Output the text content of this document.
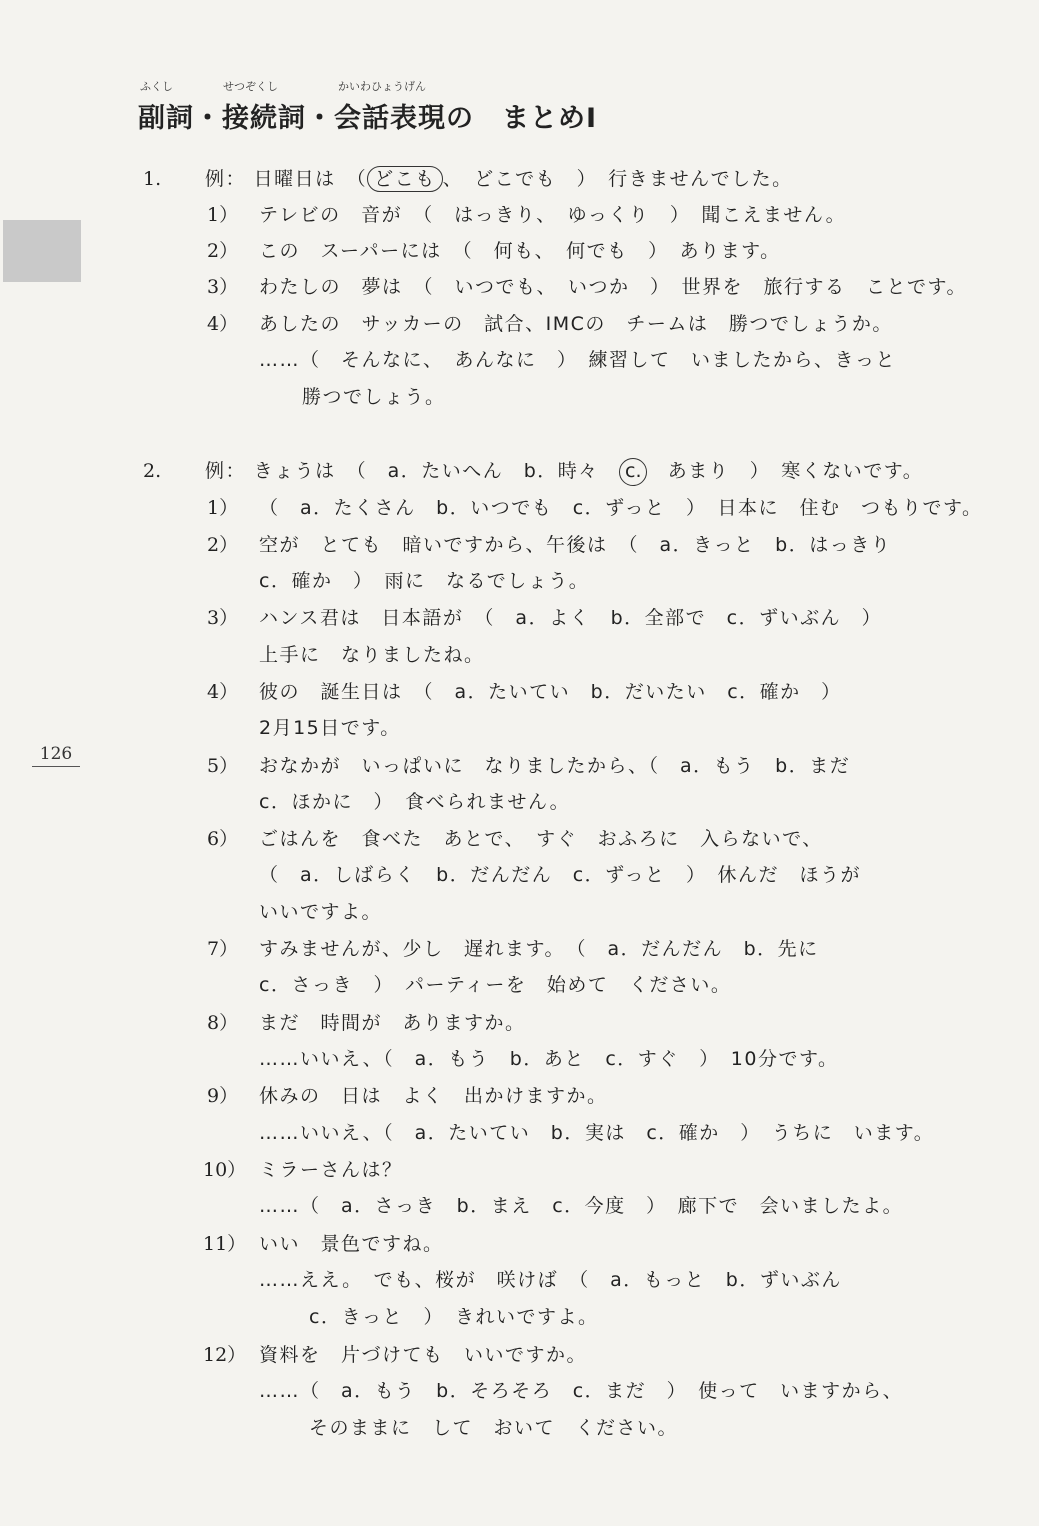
ふくし	せつぞくし	かいわひょうげん
副詞・接続詞・会話表現の　まとめⅠ
1. 例： 日曜日は　（ どこも 、　どこでも　）　行きませんでした。
1） テレビの　音が　（　はっきり、　ゆっくり　）　聞こえません。
2） この　スーパーには　（　何も、　何でも　）　あります。
3） わたしの　夢は　（　いつでも、　いつか　）　世界を　旅行する　ことです。
4） あしたの　サッカーの　試合、IMCの　チームは　勝つでしょうか。
……（　そんなに、　あんなに　）　練習して　いましたから、きっと
勝つでしょう。
2. 例： きょうは　（　a．たいへん　b．時々　c.　あまり　）　寒くないです。
1） （　a．たくさん　b．いつでも　c．ずっと　）　日本に　住む　つもりです。
2） 空が　とても　暗いですから、午後は　（　a．きっと　b．はっきり
c．確か　）　雨に　なるでしょう。
3） ハンス君は　日本語が　（　a．よく　b．全部で　c．ずいぶん　）
上手に　なりましたね。
4） 彼の　誕生日は　（　a．たいてい　b．だいたい　c．確か　）
2月15日です。
126
5） おなかが　いっぱいに　なりましたから、（　a．もう　b．まだ
c．ほかに　）　食べられません。
6） ごはんを　食べた　あとで、　すぐ　おふろに　入らないで、
（　a．しばらく　b．だんだん　c．ずっと　）　休んだ　ほうが
いいですよ。
7） すみませんが、少し　遅れます。　（　a．だんだん　b．先に
c．さっき　）　パーティーを　始めて　ください。
8） まだ　時間が　ありますか。
……いいえ、（　a．もう　b．あと　c．すぐ　）　10分です。
9） 休みの　日は　よく　出かけますか。
……いいえ、（　a．たいてい　b．実は　c．確か　）　うちに　います。
10） ミラーさんは？
……（　a．さっき　b．まえ　c．今度　）　廊下で　会いましたよ。
11） いい　景色ですね。
……ええ。　でも、桜が　咲けば　（　a．もっと　b．ずいぶん
c．きっと　）　きれいですよ。
12） 資料を　片づけても　いいですか。
……（　a．もう　b．そろそろ　c．まだ　）　使って　いますから、
そのままに　して　おいて　ください。
